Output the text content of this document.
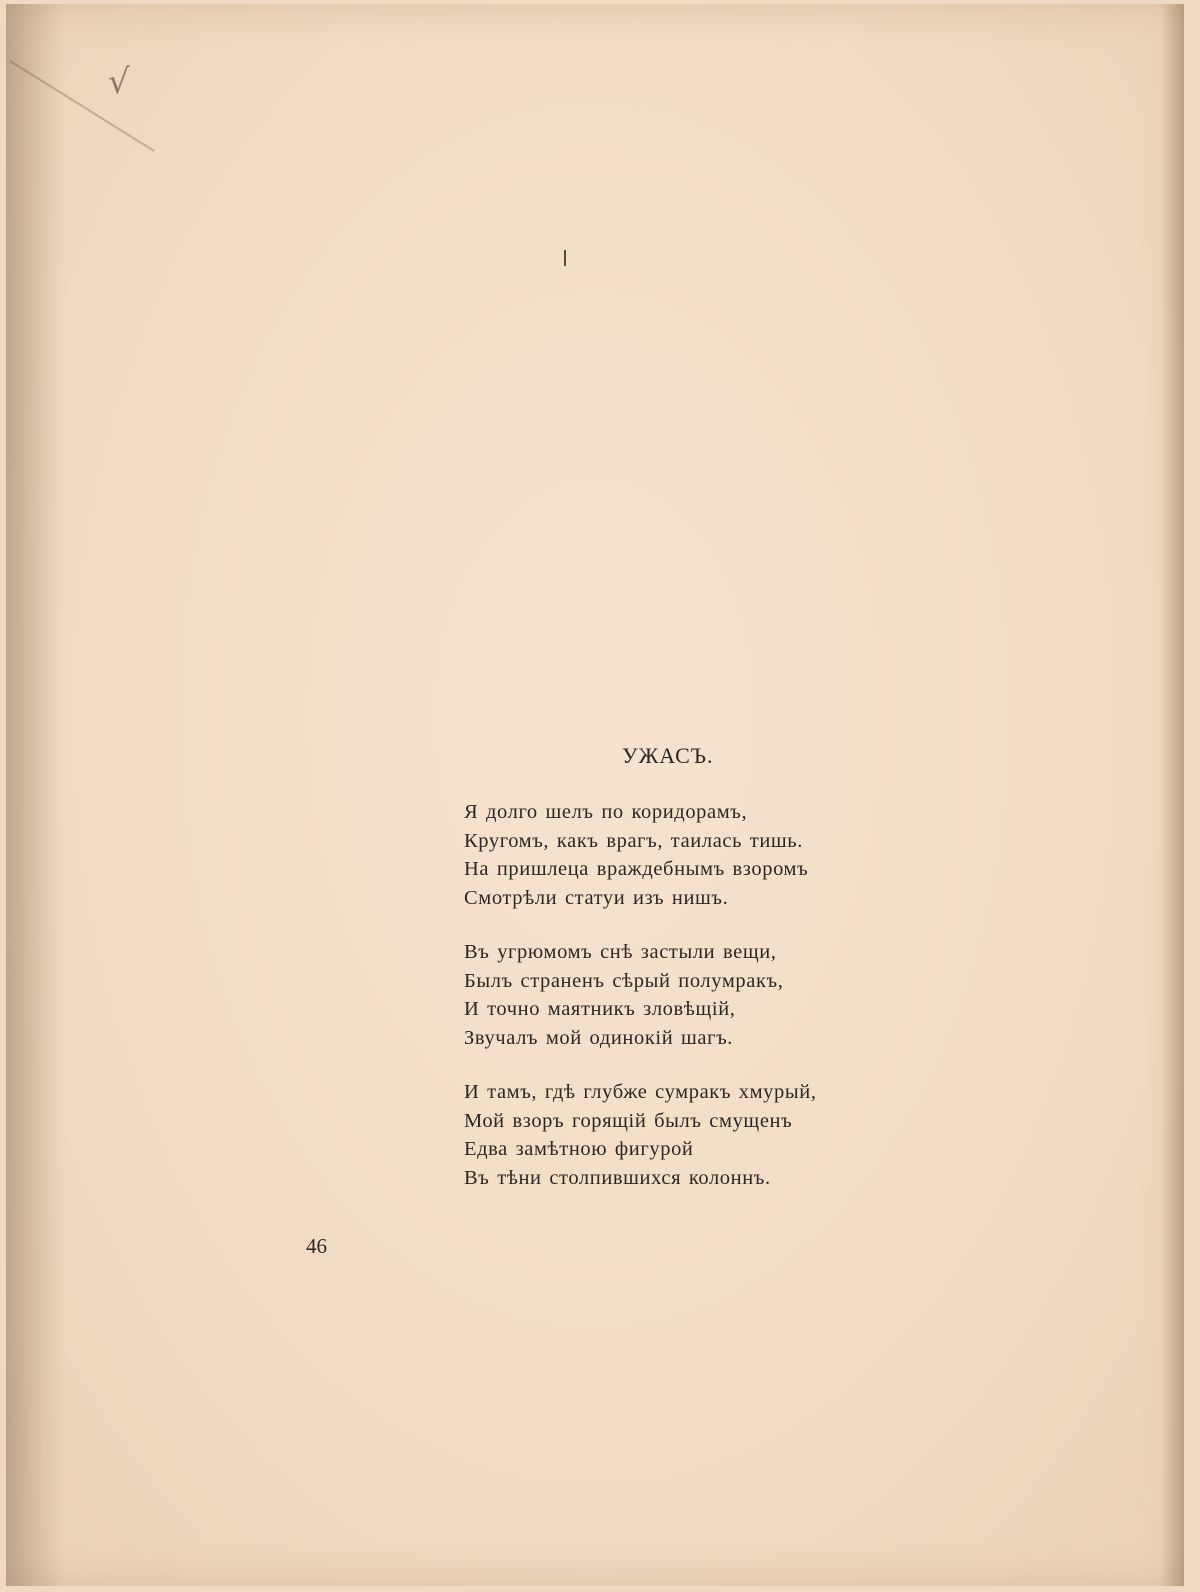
√
УЖАСЪ.
Я долго шелъ по коридорамъ,
Кругомъ, какъ врагъ, таилась тишь.
На пришлеца враждебнымъ взоромъ
Смотрѣли статуи изъ нишъ.
Въ угрюмомъ снѣ застыли вещи,
Былъ страненъ сѣрый полумракъ,
И точно маятникъ зловѣщій,
Звучалъ мой одинокій шагъ.
И тамъ, гдѣ глубже сумракъ хмурый,
Мой взоръ горящій былъ смущенъ
Едва замѣтною фигурой
Въ тѣни столпившихся колоннъ.
46
